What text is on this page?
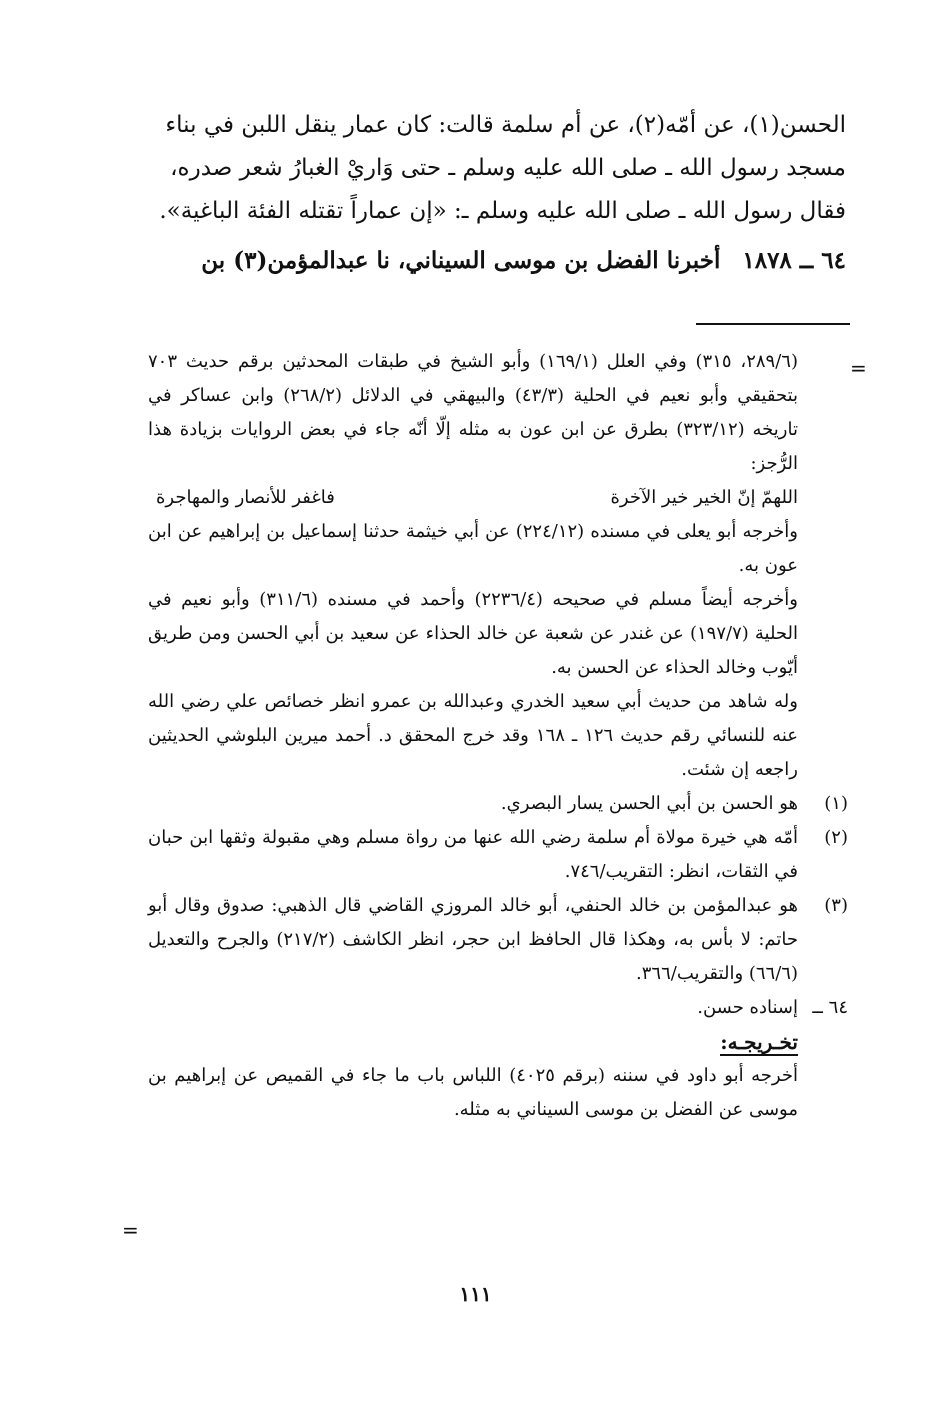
الحسن(١)، عن أمّه(٢)، عن أم سلمة قالت: كان عمار ينقل اللبن في بناء

مسجد رسول الله ـ صلى الله عليه وسلم ـ حتى وَاريْ الغبارُ شعر صدره،

فقال رسول الله ـ صلى الله عليه وسلم ـ: «إن عماراً تقتله الفئة الباغية».

٦٤ ــ ١٨٧٨ أخبرنا الفضل بن موسى السيناني، نا عبدالمؤمن(٣) بن

=

(٢٨٩/٦، ٣١٥) وفي العلل (١٦٩/١) وأبو الشيخ في طبقات المحدثين برقم حديث ٧٠٣ بتحقيقي وأبو نعيم في الحلية (٤٣/٣) والبيهقي في الدلائل (٢٦٨/٢) وابن عساكر في تاريخه (٣٢٣/١٢) بطرق عن ابن عون به مثله إلّا أنّه جاء في بعض الروايات بزيادة هذا الرُّجز:

اللهمّ إنّ الخير خير الآخرة
فاغفر للأنصار والمهاجرة

وأخرجه أبو يعلى في مسنده (٢٢٤/١٢) عن أبي خيثمة حدثنا إسماعيل بن إبراهيم عن ابن عون به.

وأخرجه أيضاً مسلم في صحيحه (٢٢٣٦/٤) وأحمد في مسنده (٣١١/٦) وأبو نعيم في الحلية (١٩٧/٧) عن غندر عن شعبة عن خالد الحذاء عن سعيد بن أبي الحسن ومن طريق أيّوب وخالد الحذاء عن الحسن به.

وله شاهد من حديث أبي سعيد الخدري وعبدالله بن عمرو انظر خصائص علي رضي الله عنه للنسائي رقم حديث ١٢٦ ـ ١٦٨ وقد خرج المحقق د. أحمد ميرين البلوشي الحديثين راجعه إن شئت.

(١)
هو الحسن بن أبي الحسن يسار البصري.
(٢)
أمّه هي خيرة مولاة أم سلمة رضي الله عنها من رواة مسلم وهي مقبولة وثقها ابن حبان في الثقات، انظر: التقريب/٧٤٦.
(٣)
هو عبدالمؤمن بن خالد الحنفي، أبو خالد المروزي القاضي قال الذهبي: صدوق وقال أبو حاتم: لا بأس به، وهكذا قال الحافظ ابن حجر، انظر الكاشف (٢١٧/٢) والجرح والتعديل (٦٦/٦) والتقريب/٣٦٦.
٦٤ ــ
إسناده حسن.

تخـريجـه:

أخرجه أبو داود في سننه (برقم ٤٠٢٥) اللباس باب ما جاء في القميص عن إبراهيم بن موسى عن الفضل بن موسى السيناني به مثله.

=
١١١
